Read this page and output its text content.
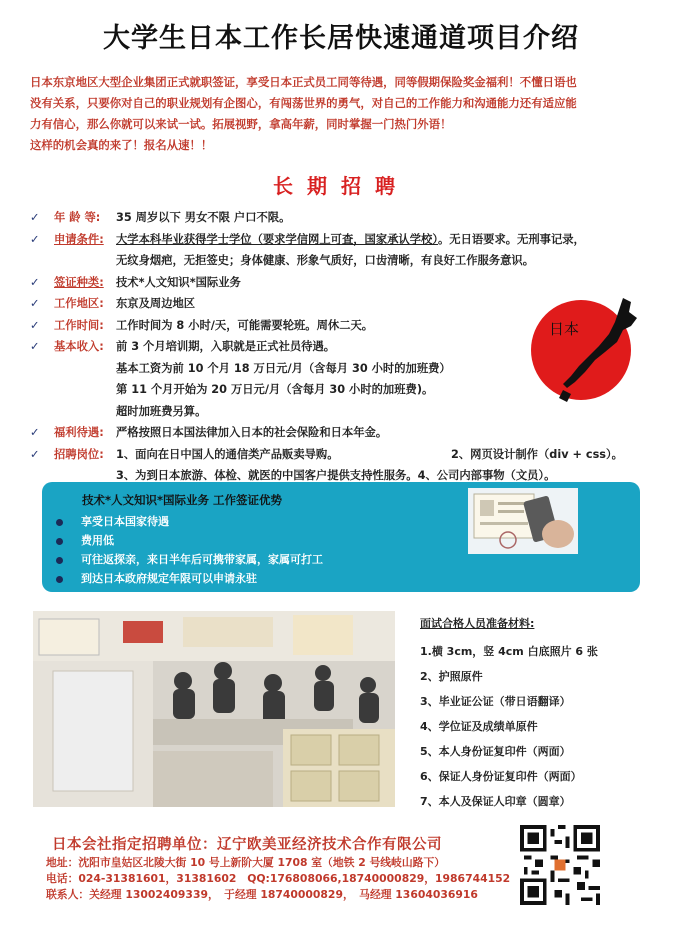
大学生日本工作长居快速通道项目介绍

日本东京地区大型企业集团正式就职签证，享受日本正式员工同等待遇，同等假期保险奖金福利！不懂日语也

没有关系，只要你对自己的职业规划有企图心，有闯荡世界的勇气，对自己的工作能力和沟通能力还有适应能

力有信心，那么你就可以来试一试。拓展视野，拿高年薪，同时掌握一门热门外语！

这样的机会真的来了！报名从速！！

长期招聘
✓	年 龄 等:	35 周岁以下 男女不限 户口不限。
✓	申请条件:	大学本科毕业获得学士学位（要求学信网上可查，国家承认学校）。无日语要求。无刑事记录，
无纹身烟疤，无拒签史；身体健康、形象气质好，口齿清晰，有良好工作服务意识。
✓	签证种类:	技术*人文知识*国际业务
✓	工作地区:	东京及周边地区
✓	工作时间:	工作时间为 8 小时/天，可能需要轮班。周休二天。
✓	基本收入:	前 3 个月培训期，入职就是正式社员待遇。
基本工资为前 10 个月 18 万日元/月（含每月 30 小时的加班费）
第 11 个月开始为 20 万日元/月（含每月 30 小时的加班费)。
超时加班费另算。
✓	福利待遇:	严格按照日本国法律加入日本的社会保险和日本年金。
✓	招聘岗位:	1、面向在日中国人的通信类产品贩卖导购。	2、网页设计制作（div + css）。
3、为到日本旅游、体检、就医的中国客户提供支持性服务。4、公司内部事物（文员）。
日本
技术*人文知识*国际业务 工作签证优势
享受日本国家待遇
费用低
可往返探亲，来日半年后可携带家属，家属可打工
到达日本政府规定年限可以申请永驻
面试合格人员准备材料:
1.横 3cm，竖 4cm 白底照片 6 张
2、护照原件
3、毕业证公证（带日语翻译）
4、学位证及成绩单原件
5、本人身份证复印件（两面）
6、保证人身份证复印件（两面）
7、本人及保证人印章（圆章）
日本会社指定招聘单位：辽宁欧美亚经济技术合作有限公司
地址：沈阳市皇姑区北陵大街 10 号上新阶大厦 1708 室（地铁 2 号线岐山路下）
电话：024-31381601，31381602　QQ:176808066,18740000829，1986744152
联系人：关经理 13002409339，　于经理 18740000829，　马经理 13604036916
